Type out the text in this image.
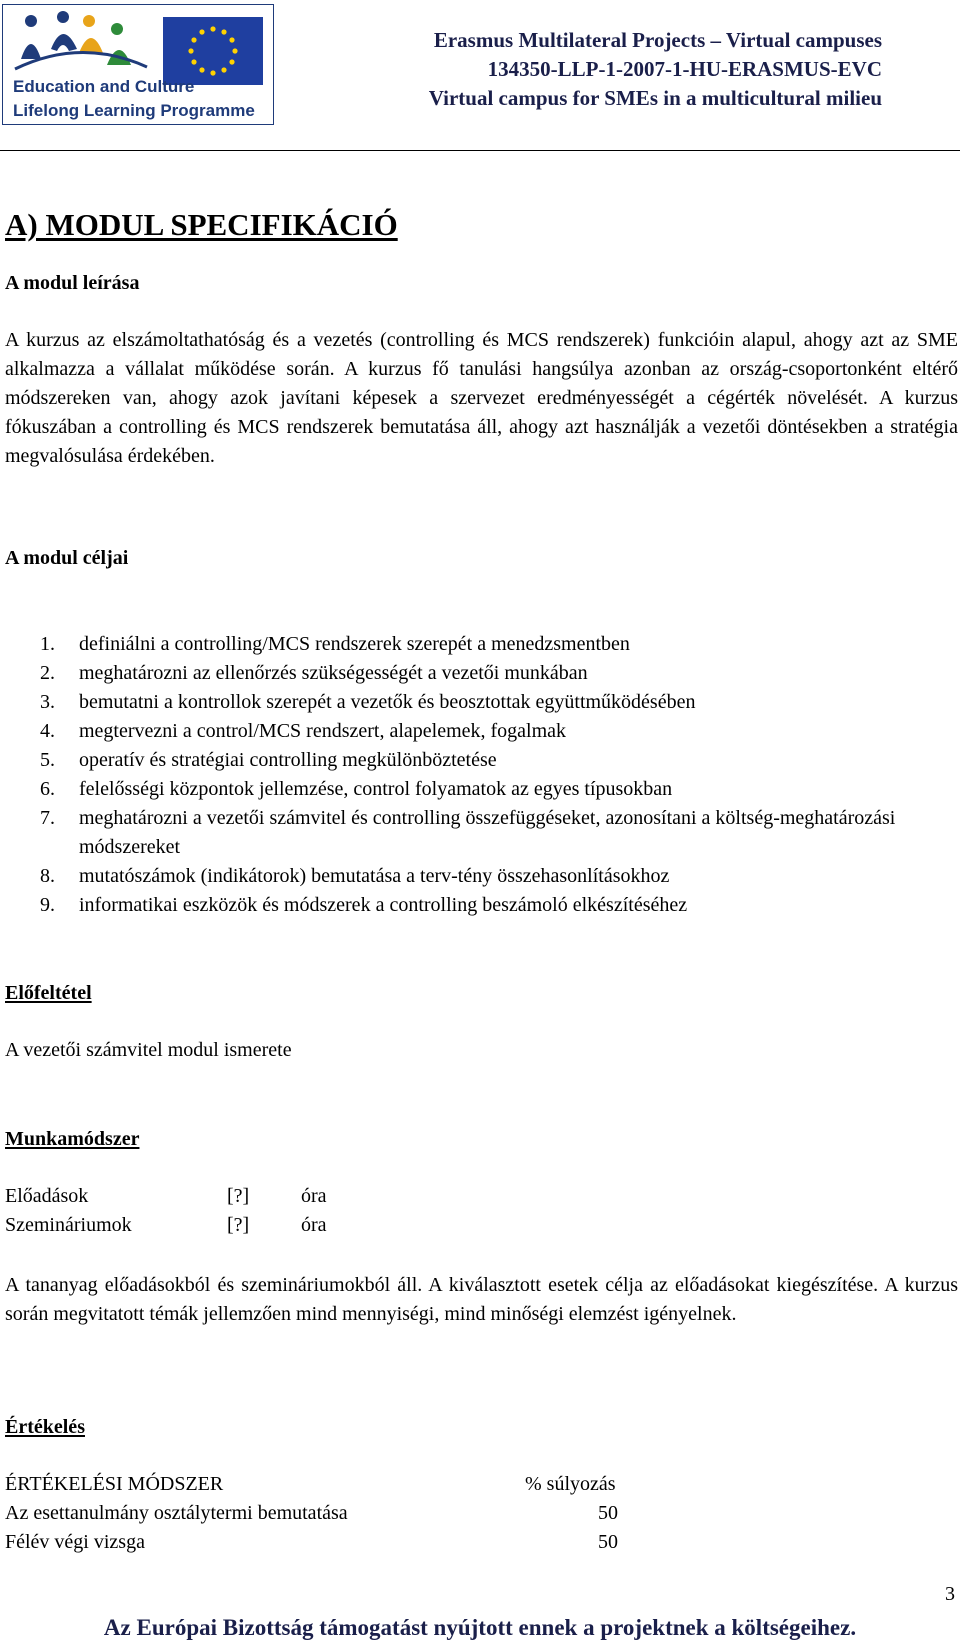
Education and Culture
Lifelong Learning Programme
Erasmus Multilateral Projects – Virtual campuses
134350-LLP-1-2007-1-HU-ERASMUS-EVC
Virtual campus for SMEs in a multicultural milieu
A) MODUL SPECIFIKÁCIÓ
A modul leírása
A kurzus az elszámoltathatóság és a vezetés (controlling és MCS rendszerek) funkcióin alapul, ahogy azt az SME alkalmazza a vállalat működése során. A kurzus fő tanulási hangsúlya azonban az ország-csoportonként eltérő módszereken van, ahogy azok javítani képesek a szervezet eredményességét a cégérték növelését. A kurzus fókuszában a controlling és MCS rendszerek bemutatása áll, ahogy azt használják a vezetői döntésekben a stratégia megvalósulása érdekében.
A modul céljai
1. definiálni a controlling/MCS rendszerek szerepét a menedzsmentben
2. meghatározni az ellenőrzés szükségességét a vezetői munkában
3. bemutatni a kontrollok szerepét a vezetők és beosztottak együttműködésében
4. megtervezni a control/MCS rendszert, alapelemek, fogalmak
5. operatív és stratégiai controlling megkülönböztetése
6. felelősségi központok jellemzése, control folyamatok az egyes típusokban
7. meghatározni a vezetői számvitel és controlling összefüggéseket, azonosítani a költség-meghatározási módszereket
8. mutatószámok (indikátorok) bemutatása a terv-tény összehasonlításokhoz
9. informatikai eszközök és módszerek a controlling beszámoló elkészítéséhez
Előfeltétel
A vezetői számvitel modul ismerete
Munkamódszer
Előadások	[?]	óra
Szemináriumok	[?]	óra
A tananyag előadásokból és szemináriumokból áll. A kiválasztott esetek célja az előadásokat kiegészítése. A kurzus során megvitatott témák jellemzően mind mennyiségi, mind minőségi elemzést igényelnek.
Értékelés
ÉRTÉKELÉSI MÓDSZER	% súlyozás
Az esettanulmány osztálytermi bemutatása	50
Félév végi vizsga	50
3
Az Európai Bizottság támogatást nyújtott ennek a projektnek a költségeihez.
